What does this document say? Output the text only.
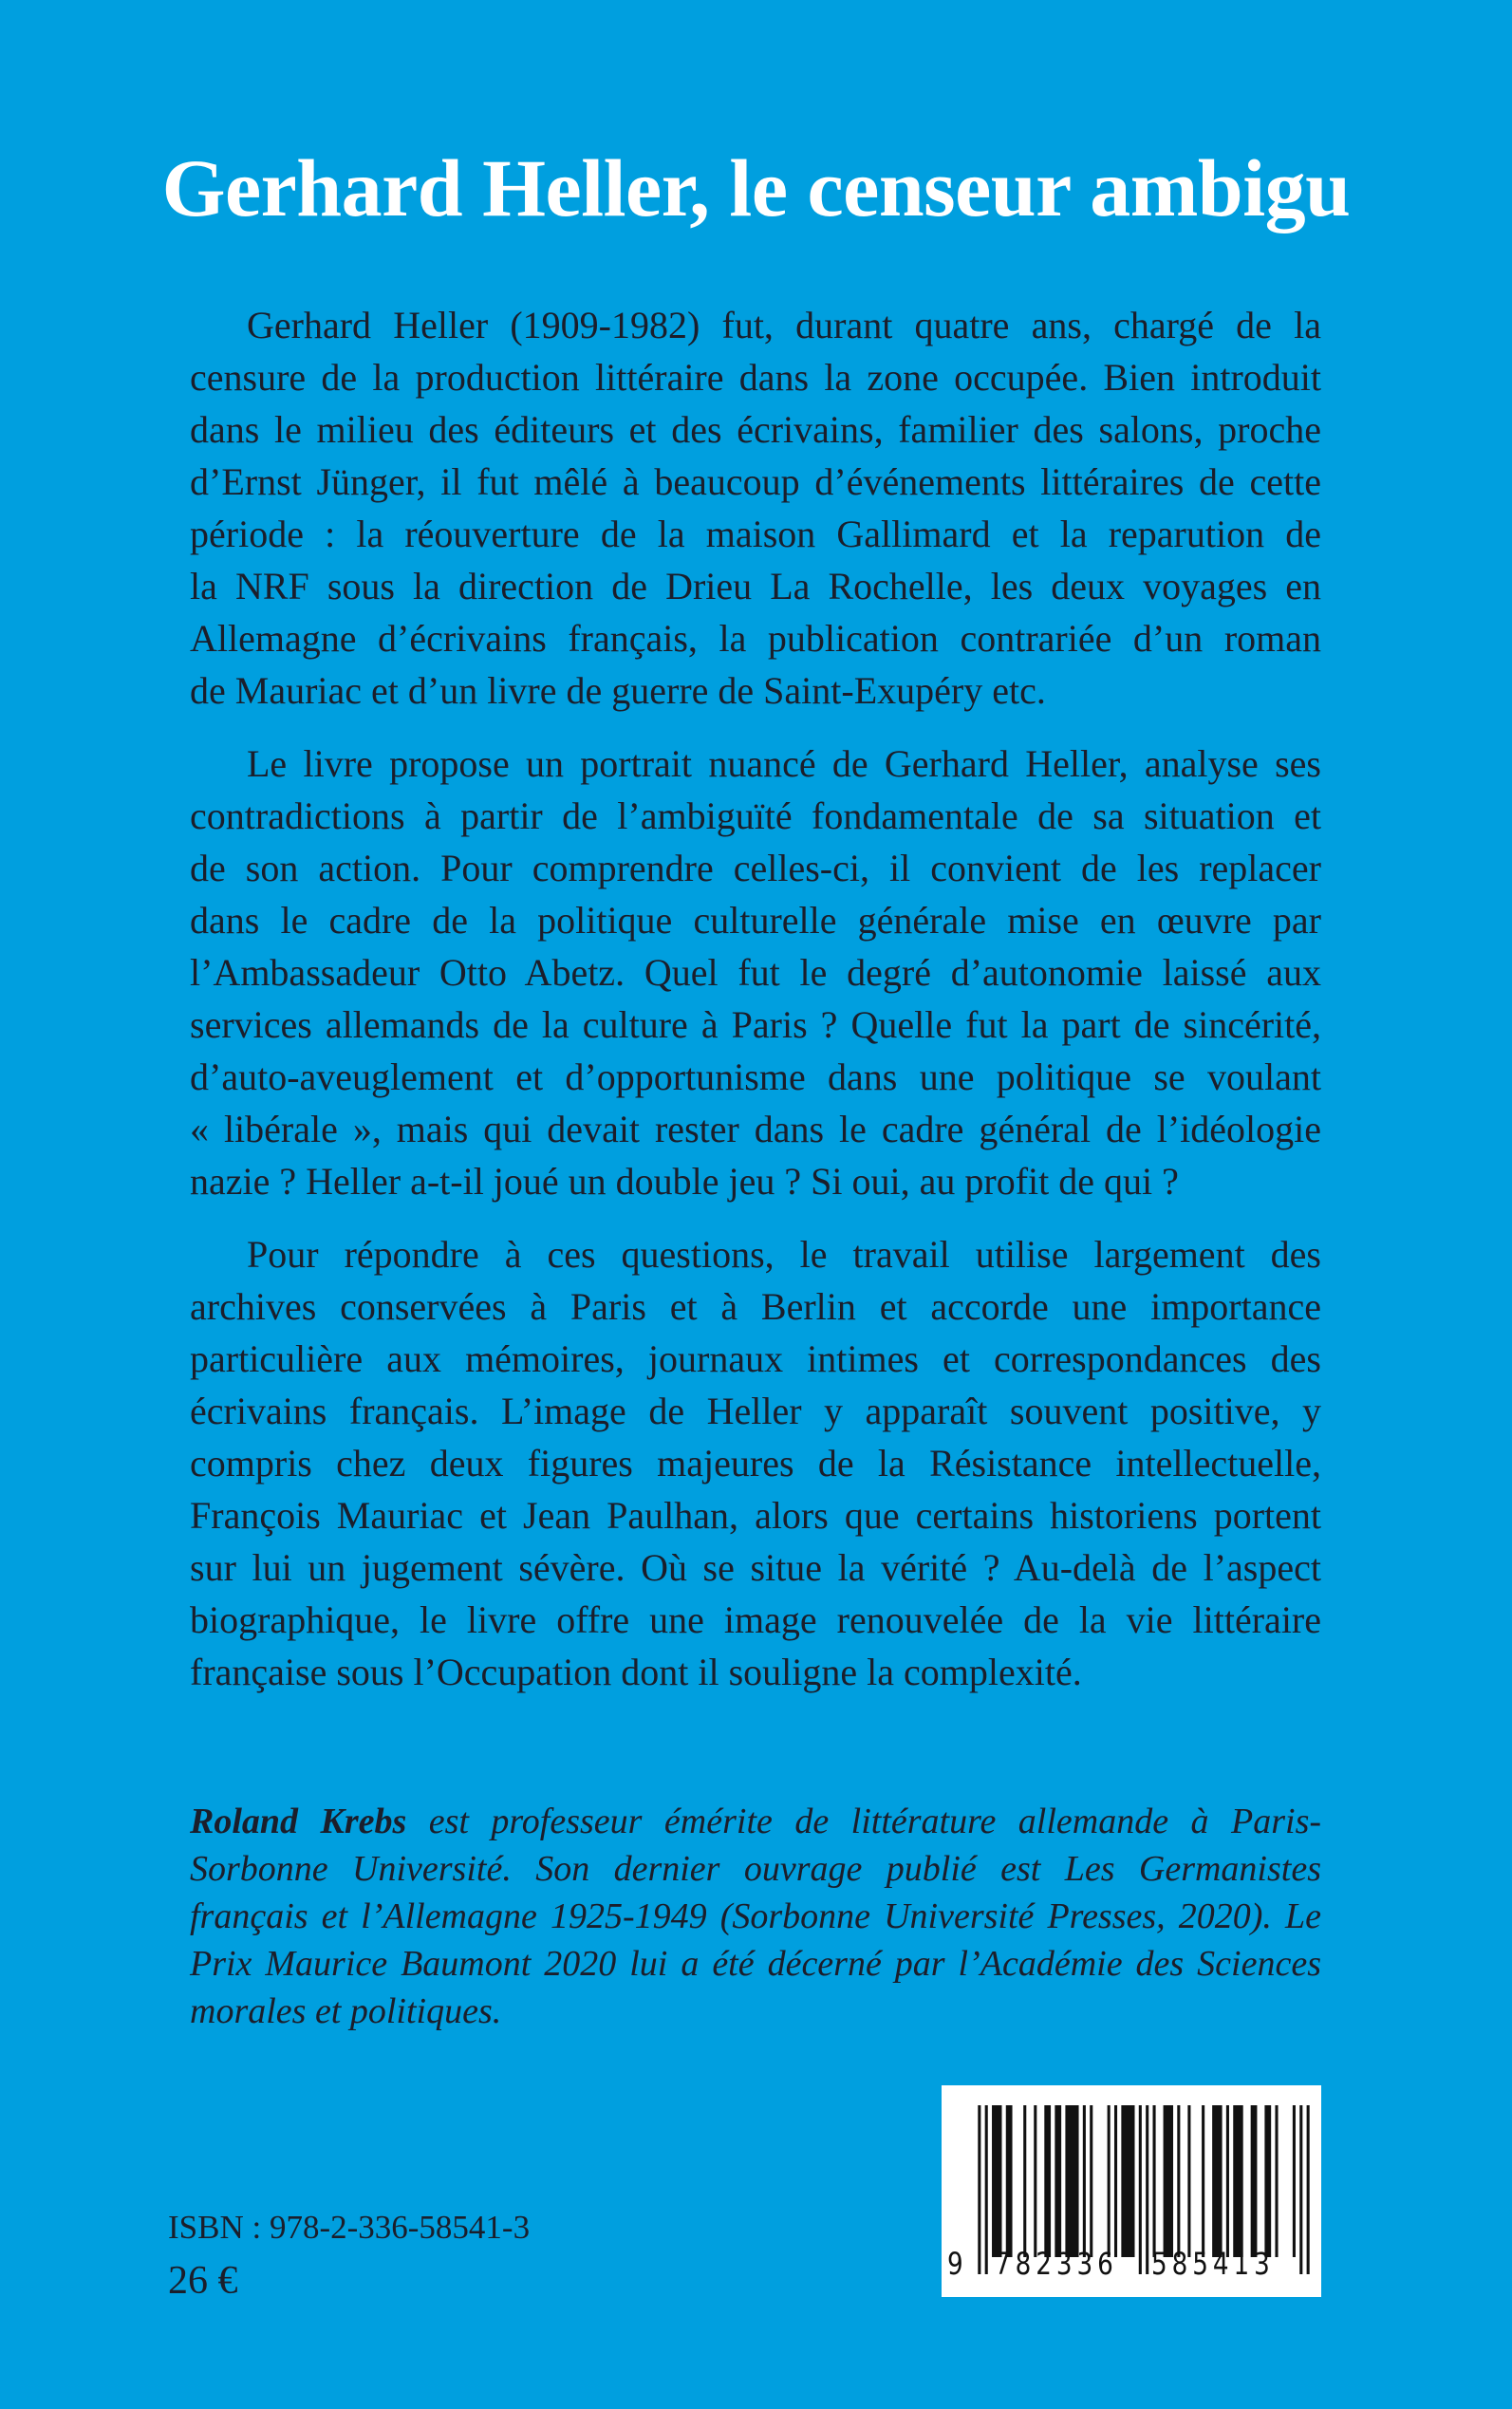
Gerhard Heller, le censeur ambigu
Gerhard Heller (1909-1982) fut, durant quatre ans, chargé de la
censure de la production littéraire dans la zone occupée. Bien introduit
dans le milieu des éditeurs et des écrivains, familier des salons, proche
d’Ernst Jünger, il fut mêlé à beaucoup d’événements littéraires de cette
période : la réouverture de la maison Gallimard et la reparution de
la NRF sous la direction de Drieu La Rochelle, les deux voyages en
Allemagne d’écrivains français, la publication contrariée d’un roman
de Mauriac et d’un livre de guerre de Saint-Exupéry etc.
Le livre propose un portrait nuancé de Gerhard Heller, analyse ses
contradictions à partir de l’ambiguïté fondamentale de sa situation et
de son action. Pour comprendre celles-ci, il convient de les replacer
dans le cadre de la politique culturelle générale mise en œuvre par
l’Ambassadeur Otto Abetz. Quel fut le degré d’autonomie laissé aux
services allemands de la culture à Paris ? Quelle fut la part de sincérité,
d’auto-aveuglement et d’opportunisme dans une politique se voulant
« libérale », mais qui devait rester dans le cadre général de l’idéologie
nazie ? Heller a-t-il joué un double jeu ? Si oui, au profit de qui ?
Pour répondre à ces questions, le travail utilise largement des
archives conservées à Paris et à Berlin et accorde une importance
particulière aux mémoires, journaux intimes et correspondances des
écrivains français. L’image de Heller y apparaît souvent positive, y
compris chez deux figures majeures de la Résistance intellectuelle,
François Mauriac et Jean Paulhan, alors que certains historiens portent
sur lui un jugement sévère. Où se situe la vérité ? Au-delà de l’aspect
biographique, le livre offre une image renouvelée de la vie littéraire
française sous l’Occupation dont il souligne la complexité.
Roland Krebs est professeur émérite de littérature allemande à Paris-
Sorbonne Université. Son dernier ouvrage publié est Les Germanistes
français et l’Allemagne 1925-1949 (Sorbonne Université Presses, 2020). Le
Prix Maurice Baumont 2020 lui a été décerné par l’Académie des Sciences
morales et politiques.
ISBN : 978-2-336-58541-3
26 €	9 782336 585413
